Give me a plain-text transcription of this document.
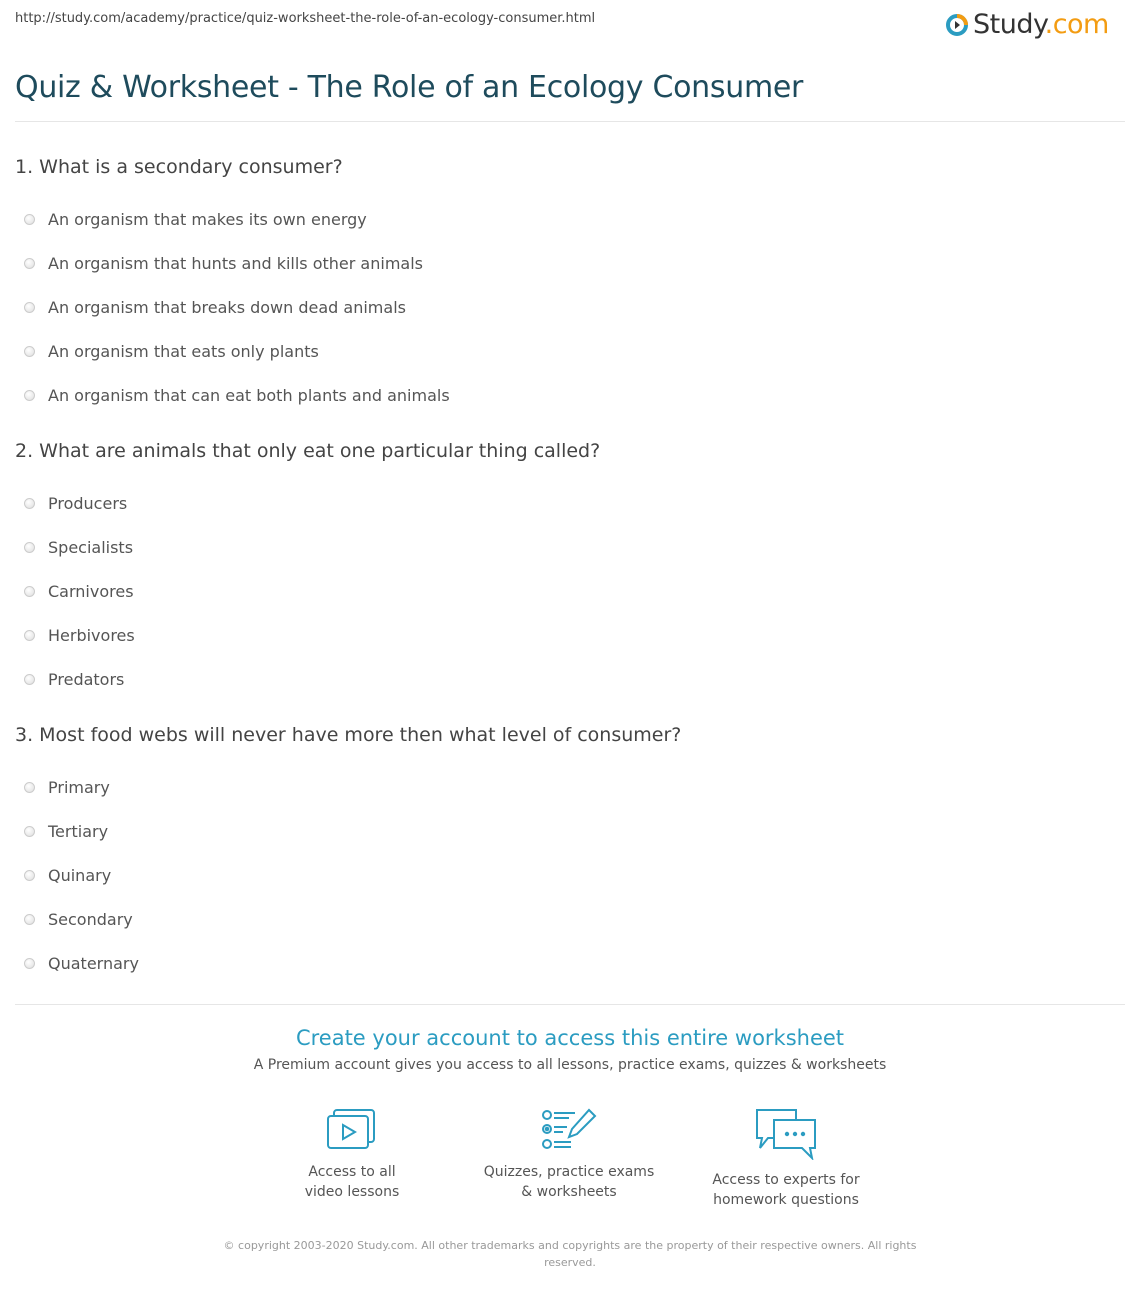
http://study.com/academy/practice/quiz-worksheet-the-role-of-an-ecology-consumer.html	Study.com
Quiz & Worksheet - The Role of an Ecology Consumer
1. What is a secondary consumer?
An organism that makes its own energy
An organism that hunts and kills other animals
An organism that breaks down dead animals
An organism that eats only plants
An organism that can eat both plants and animals
2. What are animals that only eat one particular thing called?
Producers
Specialists
Carnivores
Herbivores
Predators
3. Most food webs will never have more then what level of consumer?
Primary
Tertiary
Quinary
Secondary
Quaternary
Create your account to access this entire worksheet
A Premium account gives you access to all lessons, practice exams, quizzes & worksheets
Access to all
video lessons
Quizzes, practice exams
& worksheets
Access to experts for
homework questions
© copyright 2003-2020 Study.com. All other trademarks and copyrights are the property of their respective owners. All rights reserved.
